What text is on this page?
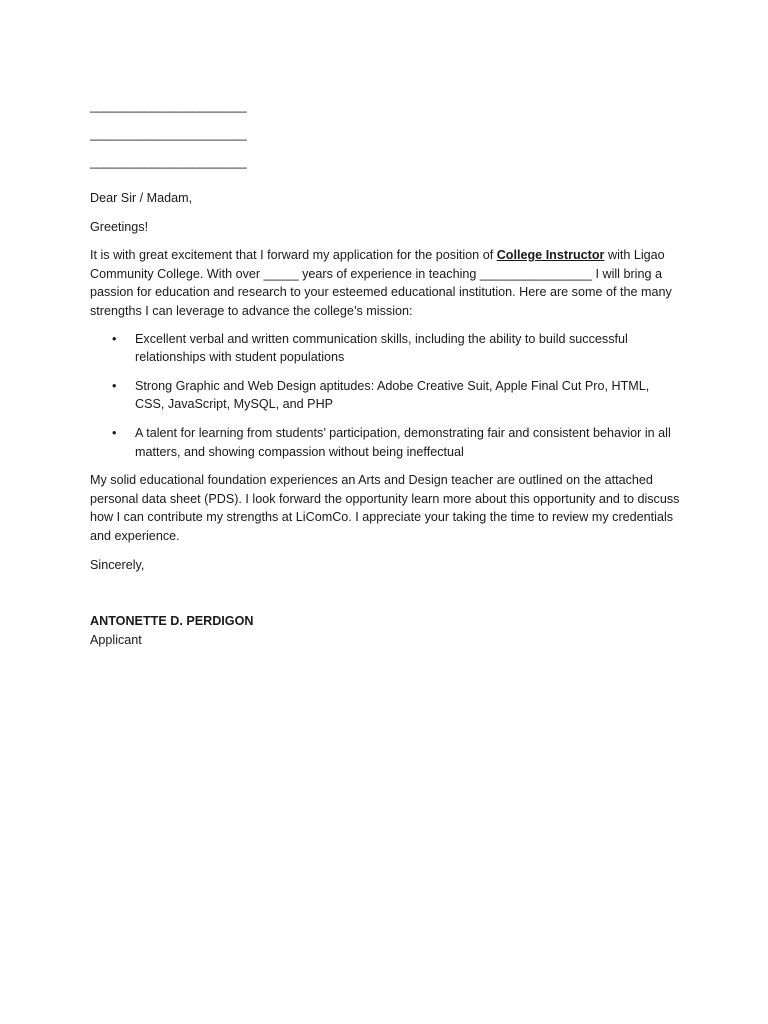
_______________________
_______________________
_______________________

Dear Sir / Madam,

Greetings!

It is with great excitement that I forward my application for the position of College Instructor with Ligao Community College. With over _____ years of experience in teaching ________________ I will bring a passion for education and research to your esteemed educational institution. Here are some of the many strengths I can leverage to advance the college’s mission:

• Excellent verbal and written communication skills, including the ability to build successful relationships with student populations
• Strong Graphic and Web Design aptitudes: Adobe Creative Suit, Apple Final Cut Pro, HTML, CSS, JavaScript, MySQL, and PHP
• A talent for learning from students’ participation, demonstrating fair and consistent behavior in all matters, and showing compassion without being ineffectual

My solid educational foundation experiences an Arts and Design teacher are outlined on the attached personal data sheet (PDS). I look forward the opportunity learn more about this opportunity and to discuss how I can contribute my strengths at LiComCo. I appreciate your taking the time to review my credentials and experience.

Sincerely,

ANTONETTE D. PERDIGON

Applicant
